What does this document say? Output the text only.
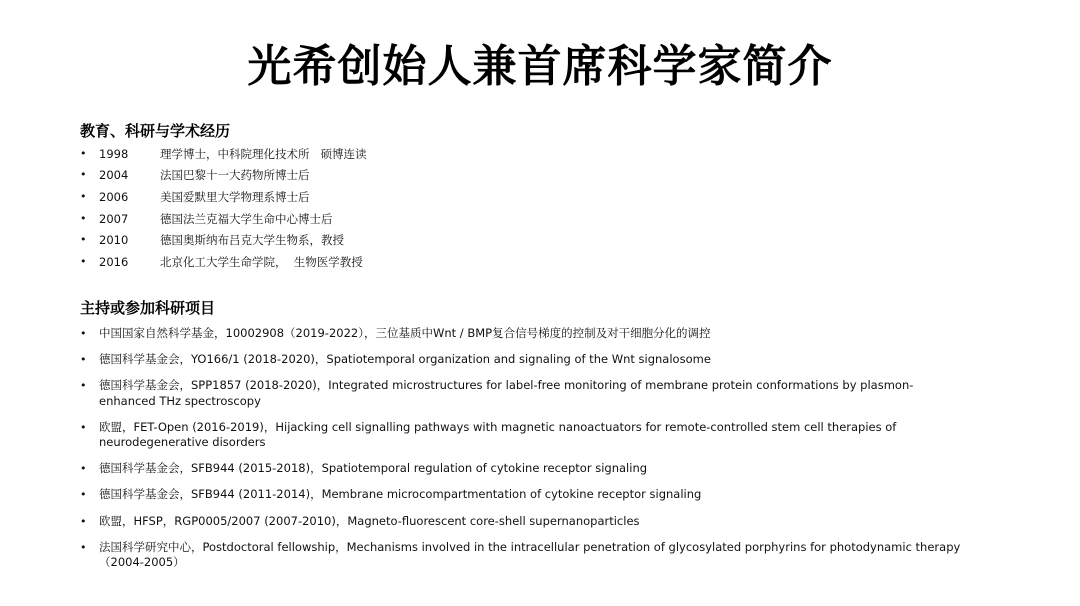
光希创始人兼首席科学家简介
教育、科研与学术经历
•	1998	理学博士，中科院理化技术所   硕博连读
•	2004	法国巴黎十一大药物所博士后
•	2006	美国爱默里大学物理系博士后
•	2007	德国法兰克福大学生命中心博士后
•	2010	德国奥斯纳布吕克大学生物系，教授
•	2016	北京化工大学生命学院，  生物医学教授
主持或参加科研项目
•	中国国家自然科学基金，10002908（2019-2022），三位基质中Wnt / BMP复合信号梯度的控制及对干细胞分化的调控
•	德国科学基金会，YO166/1 (2018-2020)，Spatiotemporal organization and signaling of the Wnt signalosome
•	德国科学基金会，SPP1857 (2018-2020)，Integrated microstructures for label-free monitoring of membrane protein conformations by plasmon-
enhanced THz spectroscopy
•	欧盟，FET-Open (2016-2019)，Hijacking cell signalling pathways with magnetic nanoactuators for remote-controlled stem cell therapies of
neurodegenerative disorders
•	德国科学基金会，SFB944 (2015-2018)，Spatiotemporal regulation of cytokine receptor signaling
•	德国科学基金会，SFB944 (2011-2014)，Membrane microcompartmentation of cytokine receptor signaling
•	欧盟，HFSP，RGP0005/2007 (2007-2010)，Magneto-fluorescent core-shell supernanoparticles
•	法国科学研究中心，Postdoctoral fellowship，Mechanisms involved in the intracellular penetration of glycosylated porphyrins for photodynamic therapy
（2004-2005）
